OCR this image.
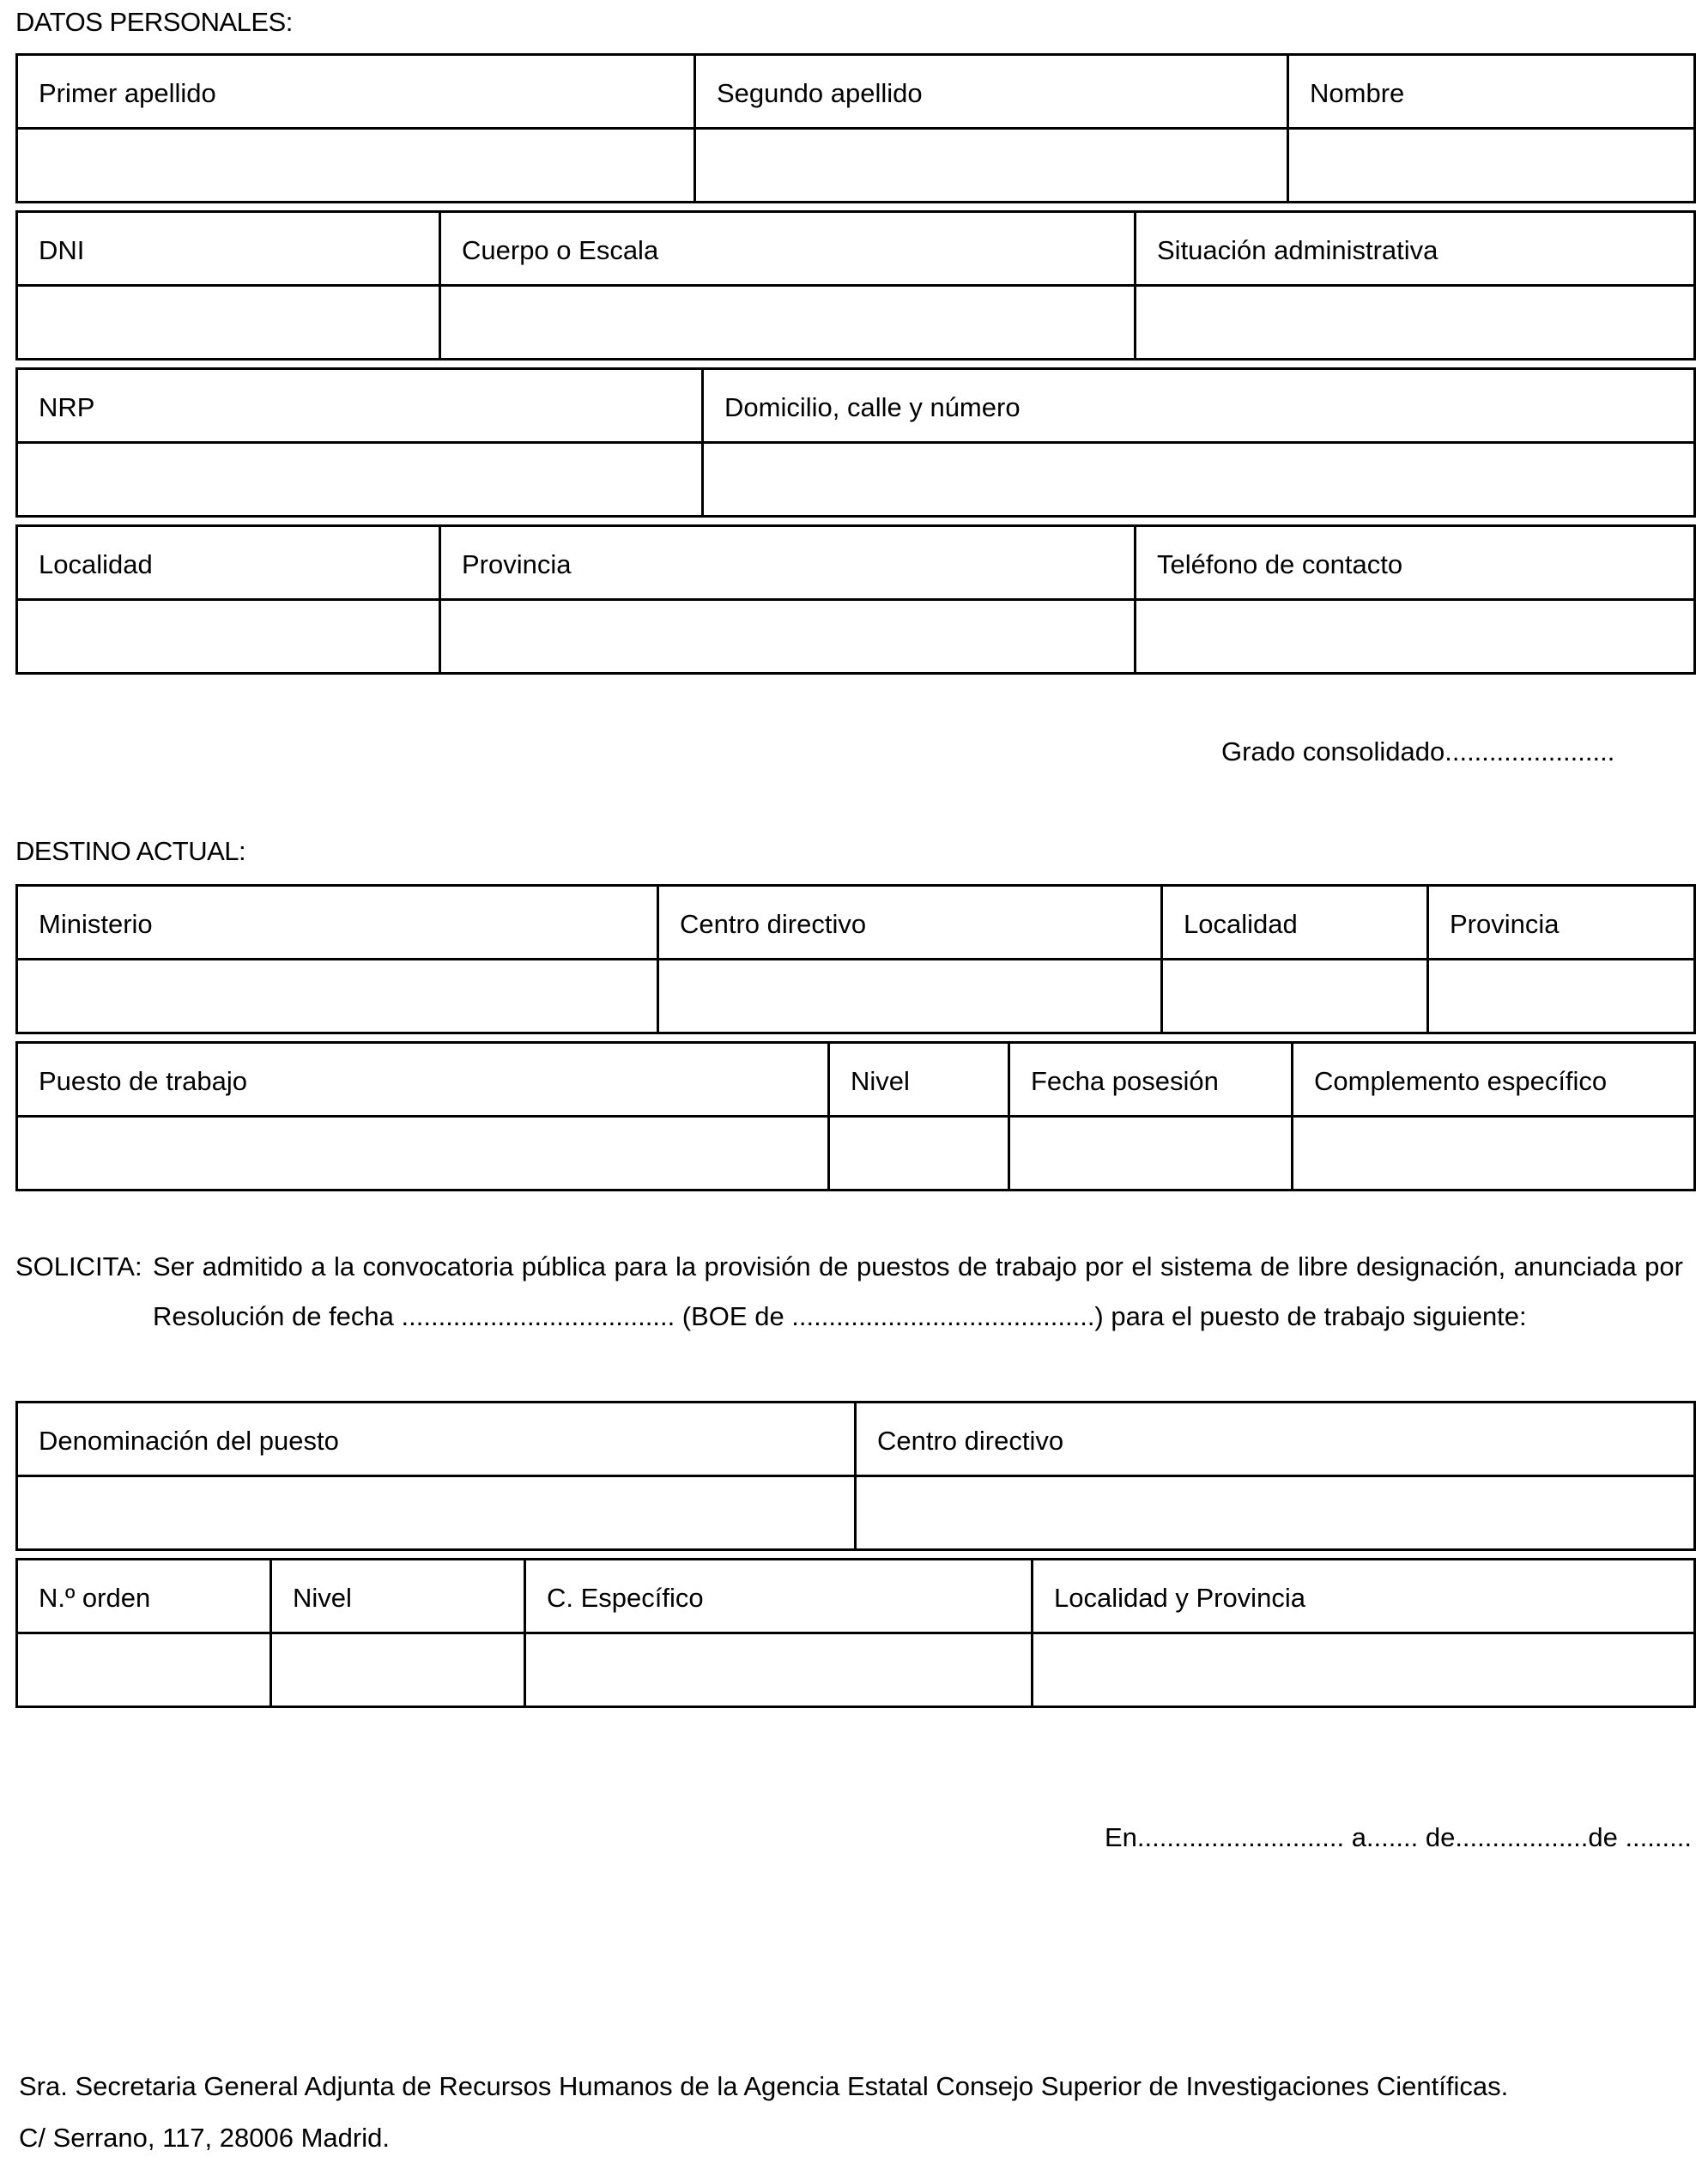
DATOS PERSONALES:
Primer apellido	Segundo apellido	Nombre

DNI	Cuerpo o Escala	Situación administrativa

NRP	Domicilio, calle y número

Localidad	Provincia	Teléfono de contacto

Grado consolidado.......................
DESTINO ACTUAL:
Ministerio	Centro directivo	Localidad	Provincia

Puesto de trabajo	Nivel	Fecha posesión	Complemento específico

SOLICITA: Ser admitido a la convocatoria pública para la provisión de puestos de trabajo por el sistema de libre designación, anunciada por
Resolución de fecha ..................................... (BOE de .........................................) para el puesto de trabajo siguiente:
Denominación del puesto	Centro directivo

N.º orden	Nivel	C. Específico	Localidad y Provincia

En............................ a....... de..................de .........
Sra. Secretaria General Adjunta de Recursos Humanos de la Agencia Estatal Consejo Superior de Investigaciones Científicas.
C/ Serrano, 117, 28006 Madrid.
